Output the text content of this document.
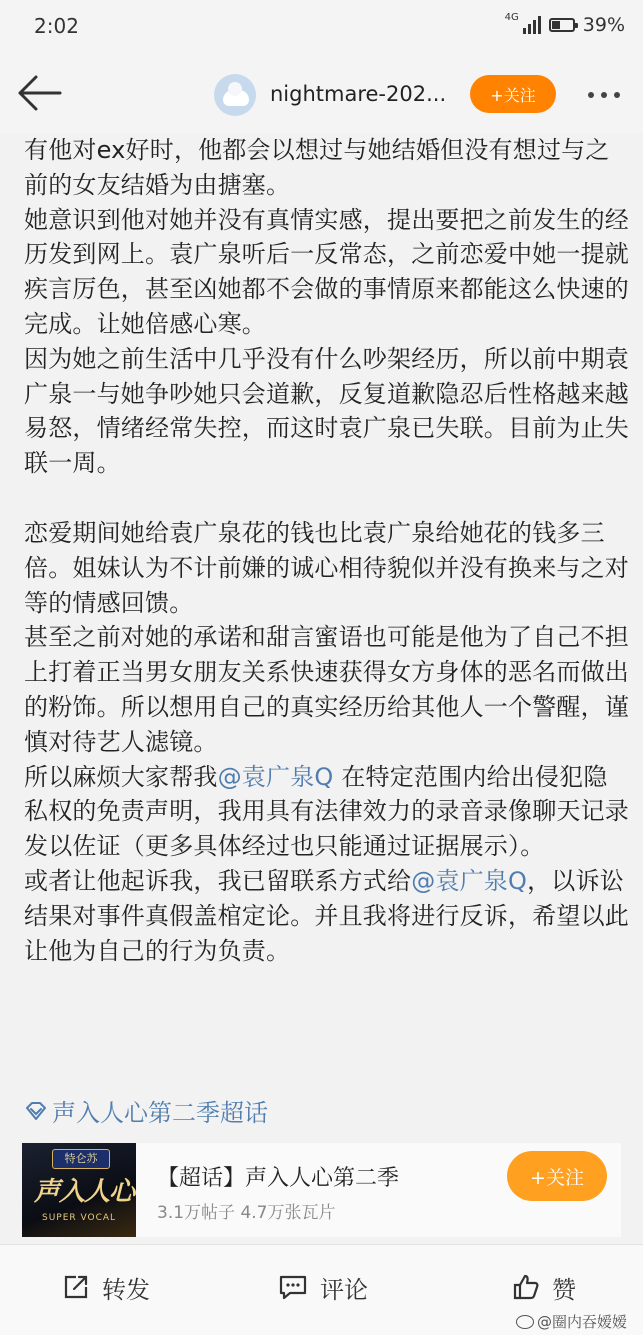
2:02	4G	39%
nightmare-202...	+关注

有他对ex好时，他都会以想过与她结婚但没有想过与之前的女友结婚为由搪塞。

她意识到他对她并没有真情实感，提出要把之前发生的经历发到网上。袁广泉听后一反常态，之前恋爱中她一提就疾言厉色，甚至凶她都不会做的事情原来都能这么快速的完成。让她倍感心寒。

因为她之前生活中几乎没有什么吵架经历，所以前中期袁广泉一与她争吵她只会道歉，反复道歉隐忍后性格越来越易怒，情绪经常失控，而这时袁广泉已失联。目前为止失联一周。

恋爱期间她给袁广泉花的钱也比袁广泉给她花的钱多三倍。姐妹认为不计前嫌的诚心相待貌似并没有换来与之对等的情感回馈。

甚至之前对她的承诺和甜言蜜语也可能是他为了自己不担上打着正当男女朋友关系快速获得女方身体的恶名而做出的粉饰。所以想用自己的真实经历给其他人一个警醒，谨慎对待艺人滤镜。

所以麻烦大家帮我@袁广泉Q 在特定范围内给出侵犯隐私权的免责声明，我用具有法律效力的录音录像聊天记录发以佐证（更多具体经过也只能通过证据展示）。

或者让他起诉我，我已留联系方式给@袁广泉Q，以诉讼结果对事件真假盖棺定论。并且我将进行反诉，希望以此让他为自己的行为负责。

声入人心第二季超话
特仑苏
声入人心
SUPER VOCAL
【超话】声入人心第二季
3.1万帖子 4.7万张瓦片
+关注
转发	评论	赞
@圈内吞嫒嫒
